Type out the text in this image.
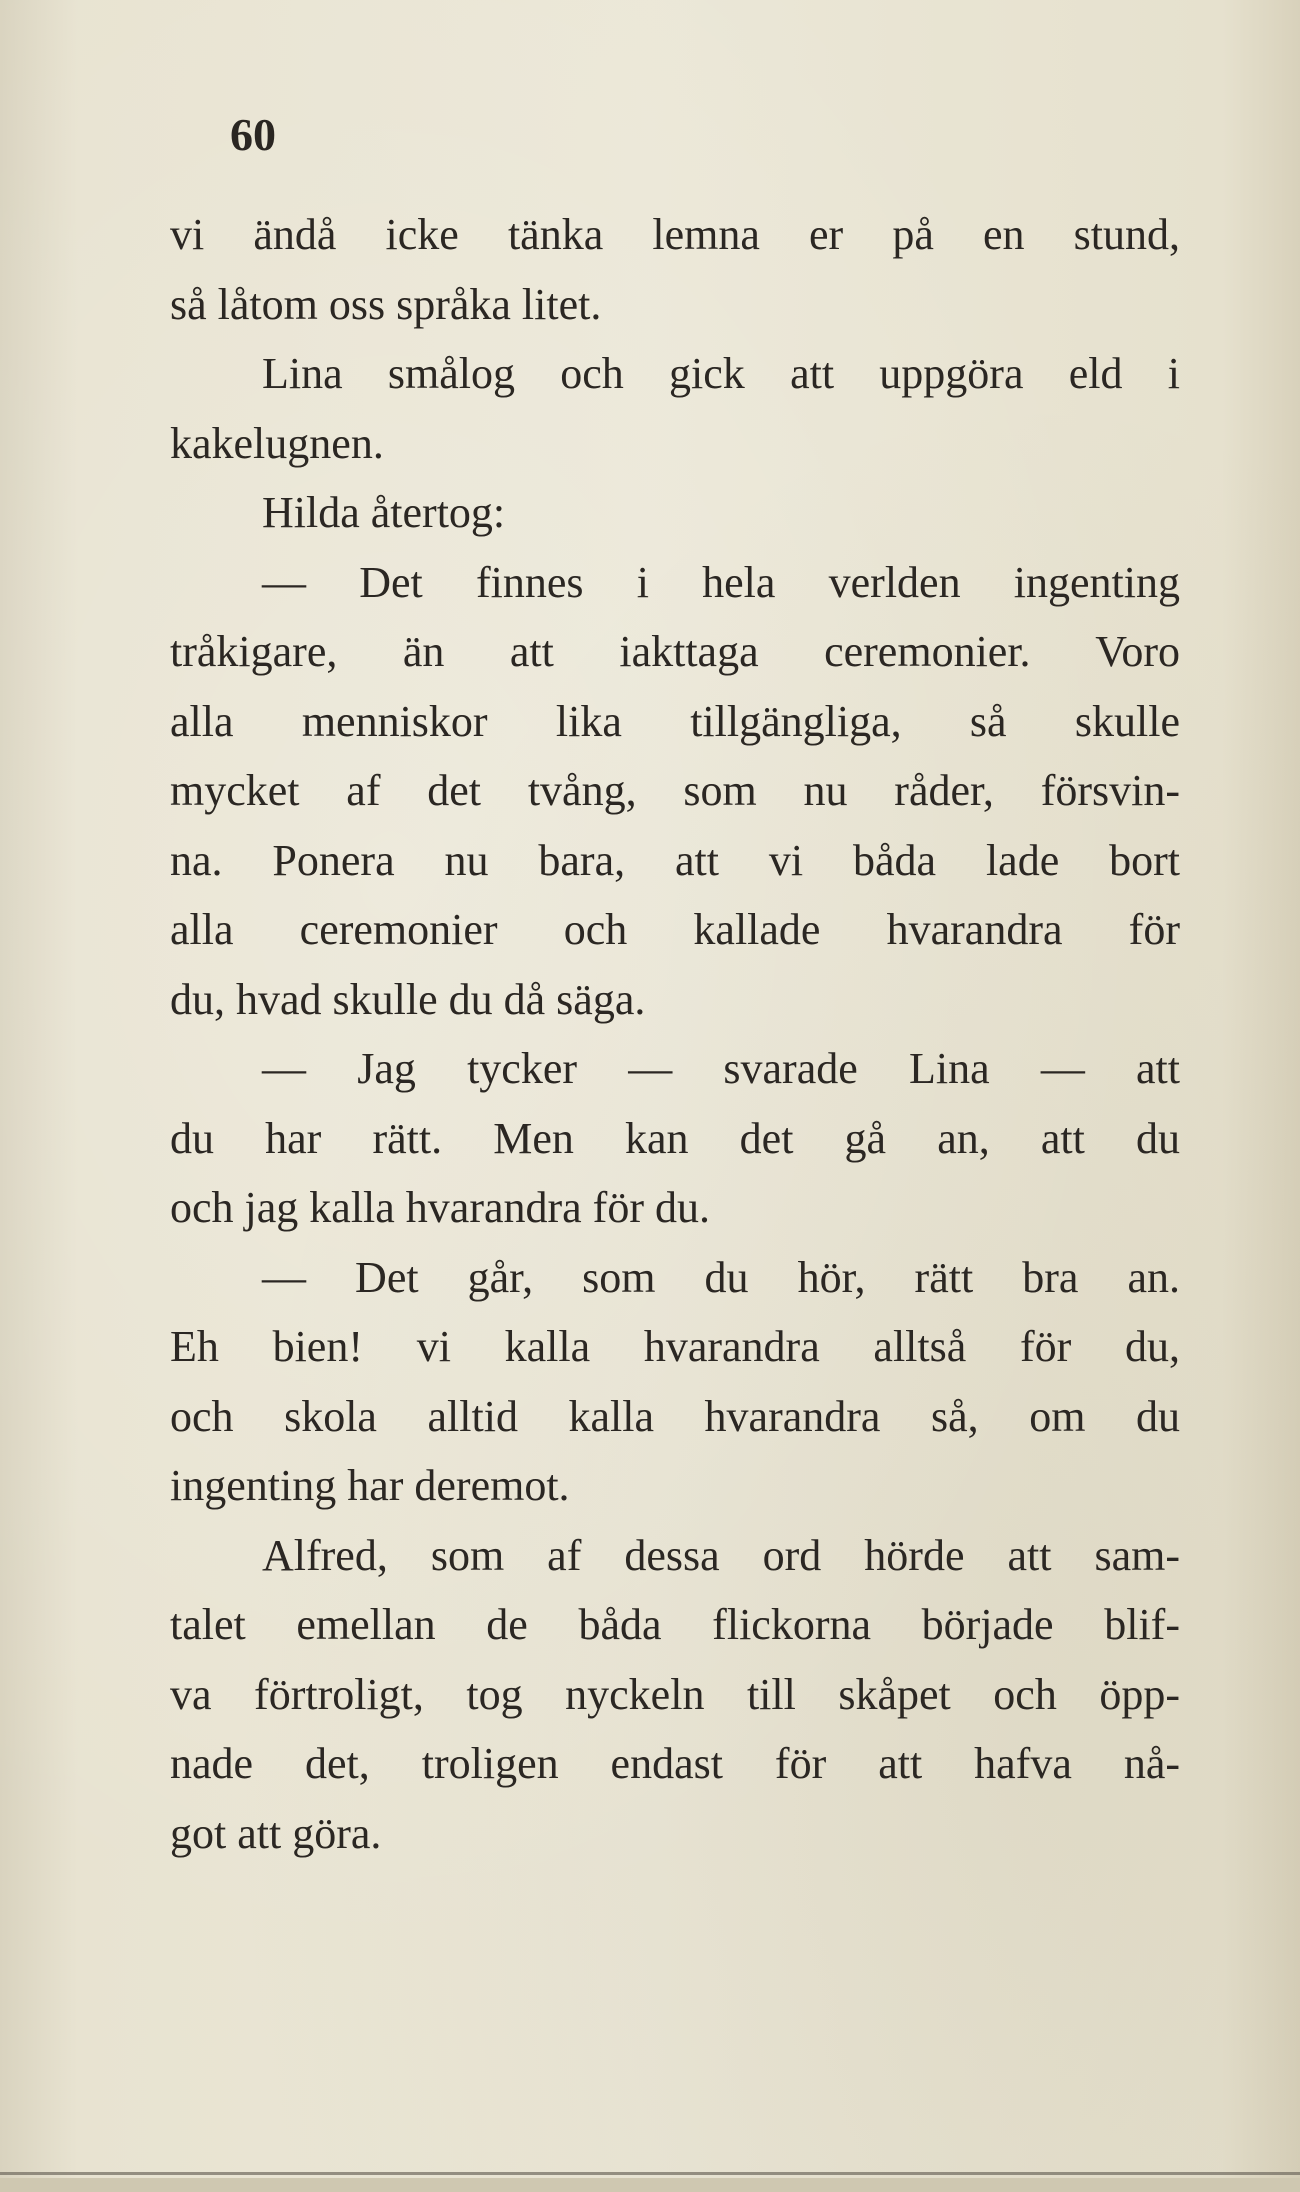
60
vi ändå icke tänka lemna er på en stund,
så låtom oss språka litet.
Lina smålog och gick att uppgöra eld i
kakelugnen.
Hilda återtog:
— Det finnes i hela verlden ingenting
tråkigare, än att iakttaga ceremonier. Voro
alla menniskor lika tillgängliga, så skulle
mycket af det tvång, som nu råder, försvin-
na. Ponera nu bara, att vi båda lade bort
alla ceremonier och kallade hvarandra för
du, hvad skulle du då säga.
— Jag tycker — svarade Lina — att
du har rätt. Men kan det gå an, att du
och jag kalla hvarandra för du.
— Det går, som du hör, rätt bra an.
Eh bien! vi kalla hvarandra alltså för du,
och skola alltid kalla hvarandra så, om du
ingenting har deremot.
Alfred, som af dessa ord hörde att sam-
talet emellan de båda flickorna började blif-
va förtroligt, tog nyckeln till skåpet och öpp-
nade det, troligen endast för att hafva nå-
got att göra.
